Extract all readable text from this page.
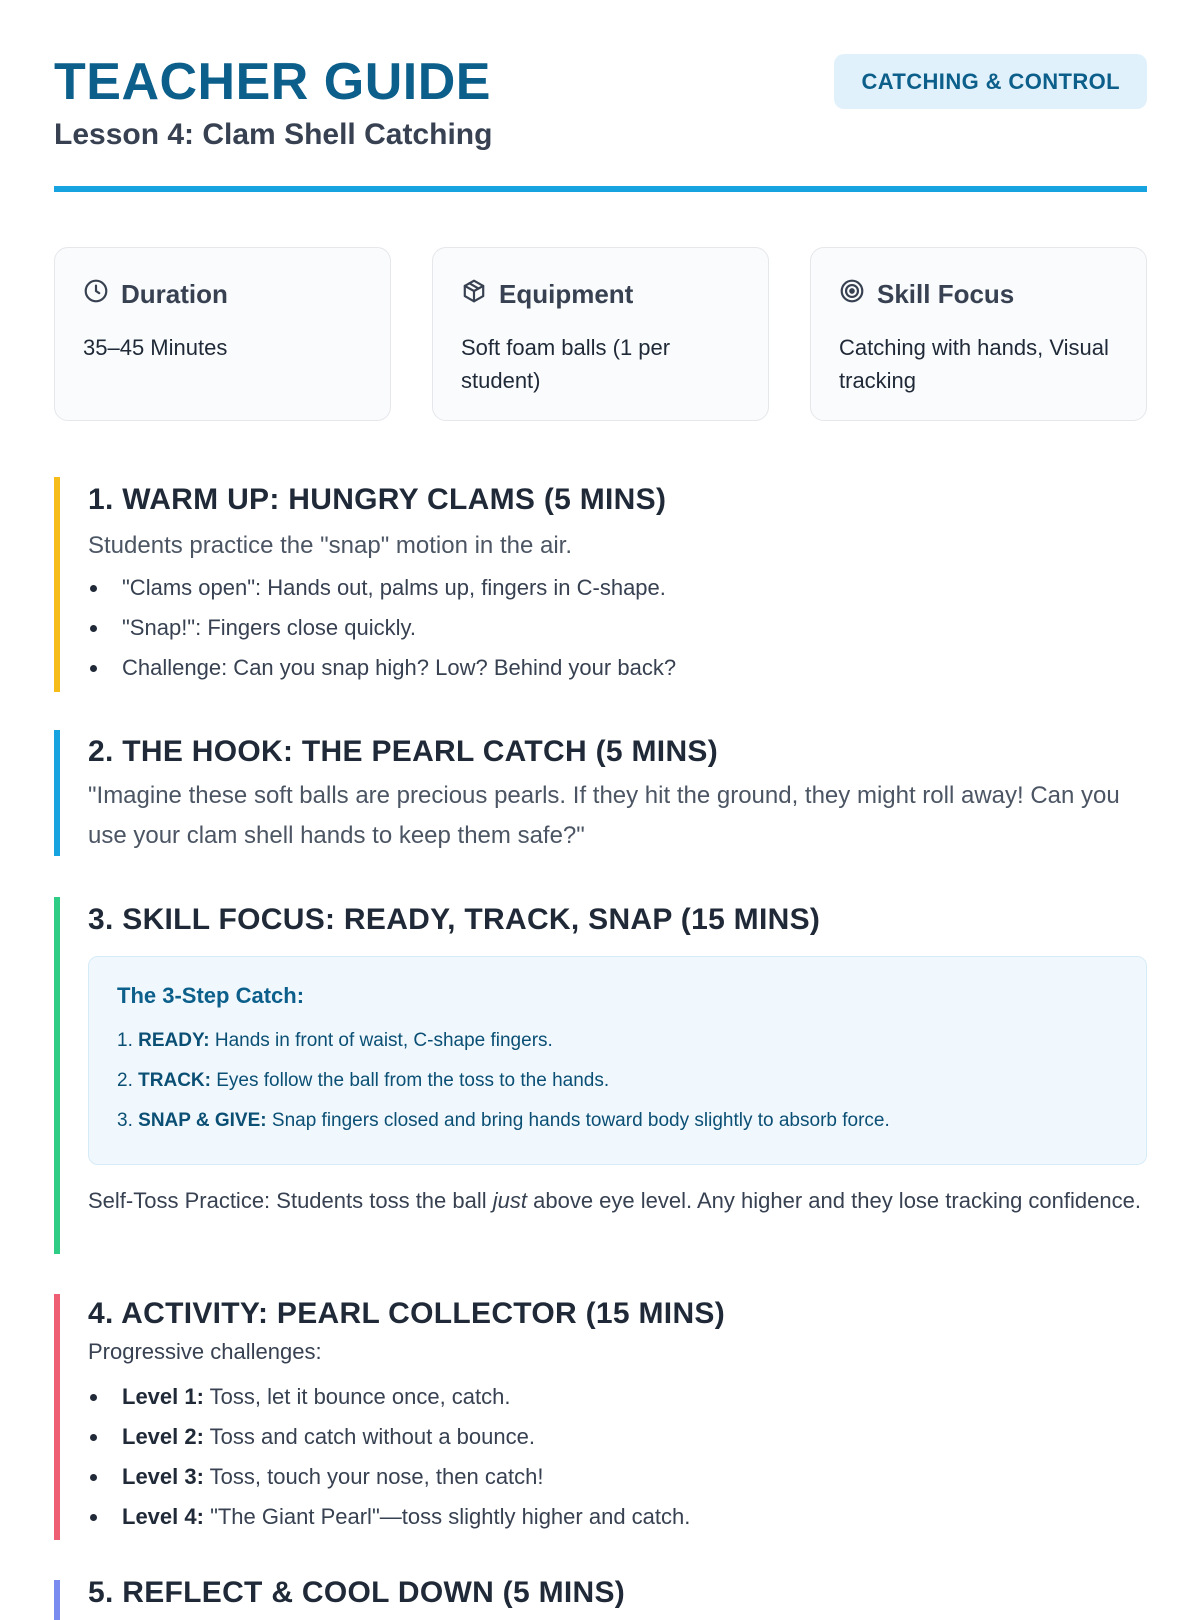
TEACHER GUIDE
Lesson 4: Clam Shell Catching
CATCHING & CONTROL
Duration
35–45 Minutes
Equipment
Soft foam balls (1 per student)
Skill Focus
Catching with hands, Visual tracking
1. WARM UP: HUNGRY CLAMS (5 MINS)

Students practice the "snap" motion in the air.

"Clams open": Hands out, palms up, fingers in C-shape.
"Snap!": Fingers close quickly.
Challenge: Can you snap high? Low? Behind your back?
2. THE HOOK: THE PEARL CATCH (5 MINS)

"Imagine these soft balls are precious pearls. If they hit the ground, they might roll away! Can you use your clam shell hands to keep them safe?"

3. SKILL FOCUS: READY, TRACK, SNAP (15 MINS)

The 3-Step Catch:

1. READY: Hands in front of waist, C-shape fingers.
2. TRACK: Eyes follow the ball from the toss to the hands.
3. SNAP & GIVE: Snap fingers closed and bring hands toward body slightly to absorb force.

Self-Toss Practice: Students toss the ball just above eye level. Any higher and they lose tracking confidence.

4. ACTIVITY: PEARL COLLECTOR (15 MINS)

Progressive challenges:

Level 1: Toss, let it bounce once, catch.
Level 2: Toss and catch without a bounce.
Level 3: Toss, touch your nose, then catch!
Level 4: "The Giant Pearl"—toss slightly higher and catch.
5. REFLECT & COOL DOWN (5 MINS)
